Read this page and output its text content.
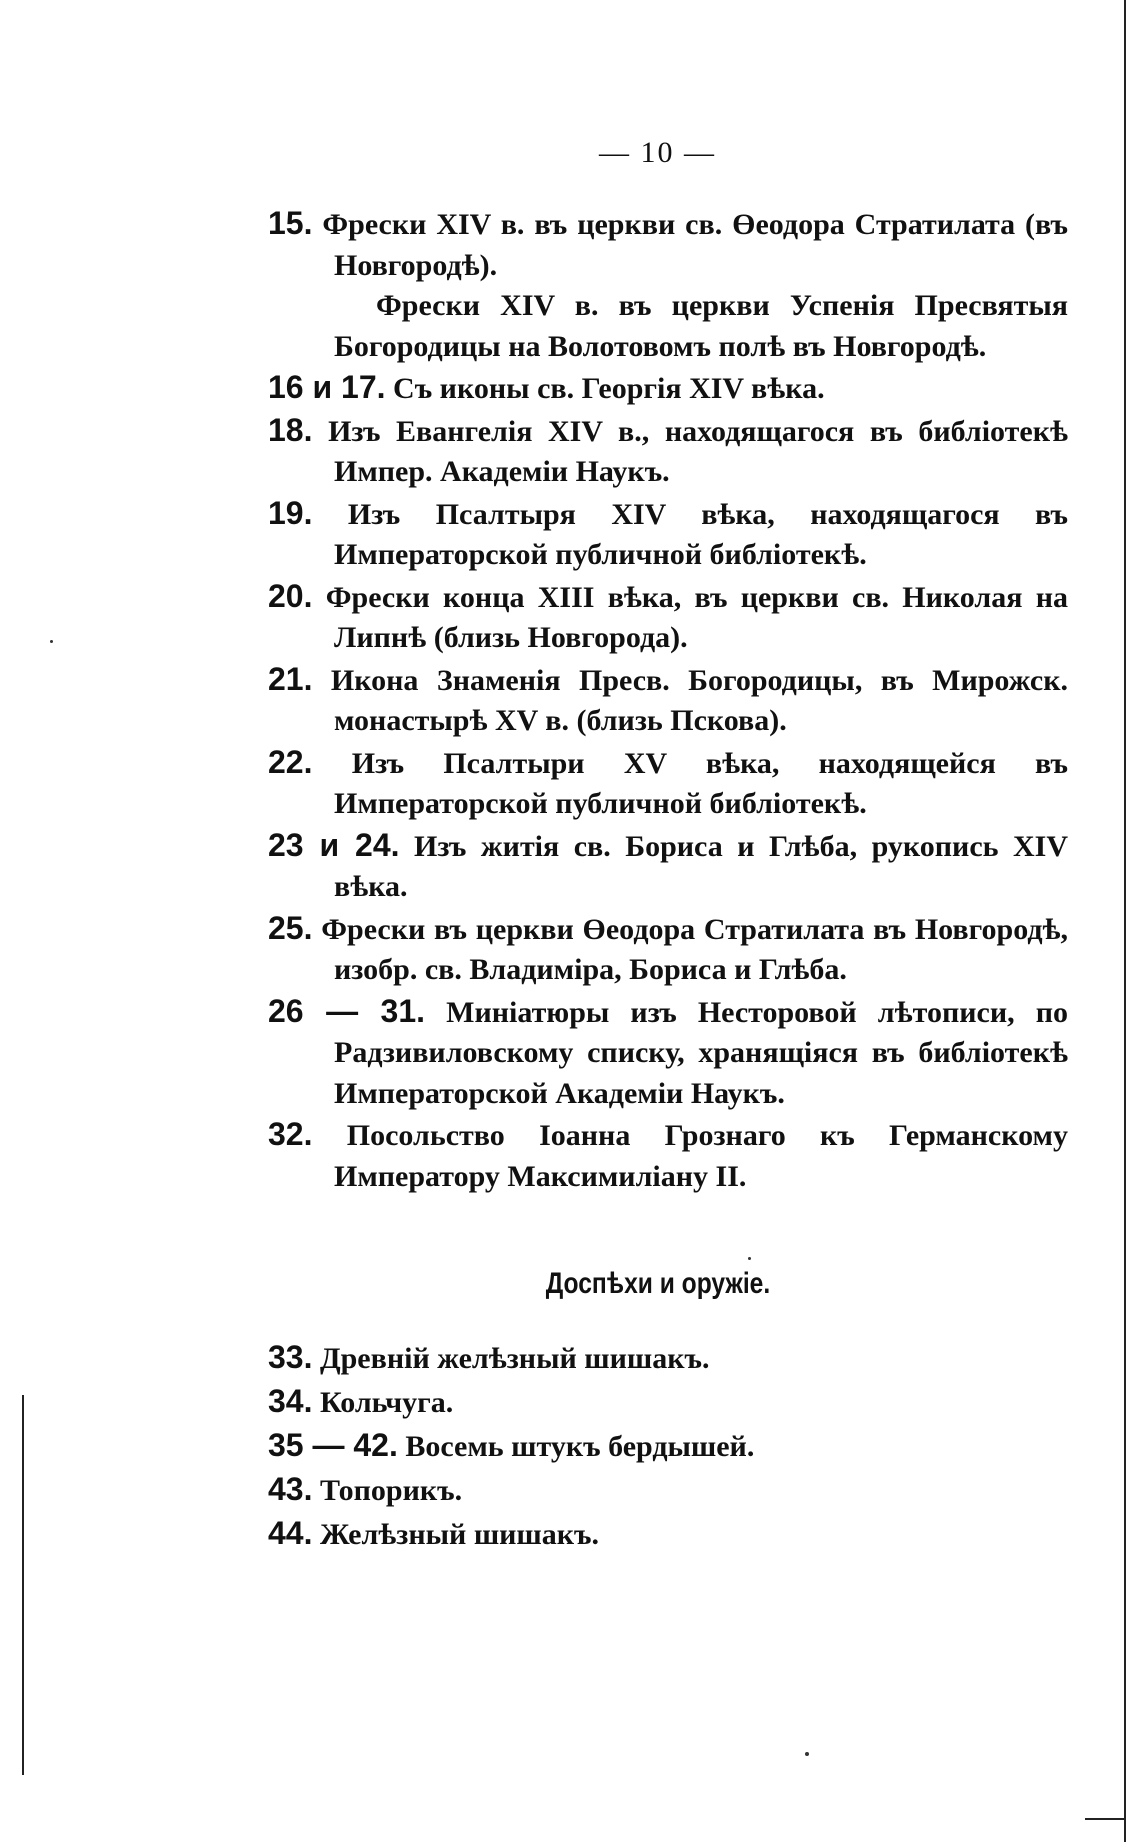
— 10 —
15. Фрески XIV в. въ церкви св. Өеодора Стратилата (въ Новгородѣ).
Фрески XIV в. въ церкви Успенія Пресвятыя Богородицы на Волотовомъ полѣ въ Новгородѣ.
16 и 17. Съ иконы св. Георгія XIV вѣка.
18. Изъ Евангелія XIV в., находящагося въ библіотекѣ Импер. Академіи Наукъ.
19. Изъ Псалтыря XIV вѣка, находящагося въ Императорской публичной библіотекѣ.
20. Фрески конца XIII вѣка, въ церкви св. Николая на Липнѣ (близь Новгорода).
21. Икона Знаменія Пресв. Богородицы, въ Мирожск. монастырѣ XV в. (близь Пскова).
22. Изъ Псалтыри XV вѣка, находящейся въ Императорской публичной библіотекѣ.
23 и 24. Изъ житія св. Бориса и Глѣба, рукопись XIV вѣка.
25. Фрески въ церкви Өеодора Стратилата въ Новгородѣ, изобр. св. Владиміра, Бориса и Глѣба.
26 — 31. Миніатюры изъ Несторовой лѣтописи, по Радзивиловскому списку, хранящіяся въ библіотекѣ Императорской Академіи Наукъ.
32. Посольство Іоанна Грознаго къ Германскому Императору Максимиліану II.
Доспѣхи и оружіе.
33. Древній желѣзный шишакъ.
34. Кольчуга.
35 — 42. Восемь штукъ бердышей.
43. Топорикъ.
44. Желѣзный шишакъ.
